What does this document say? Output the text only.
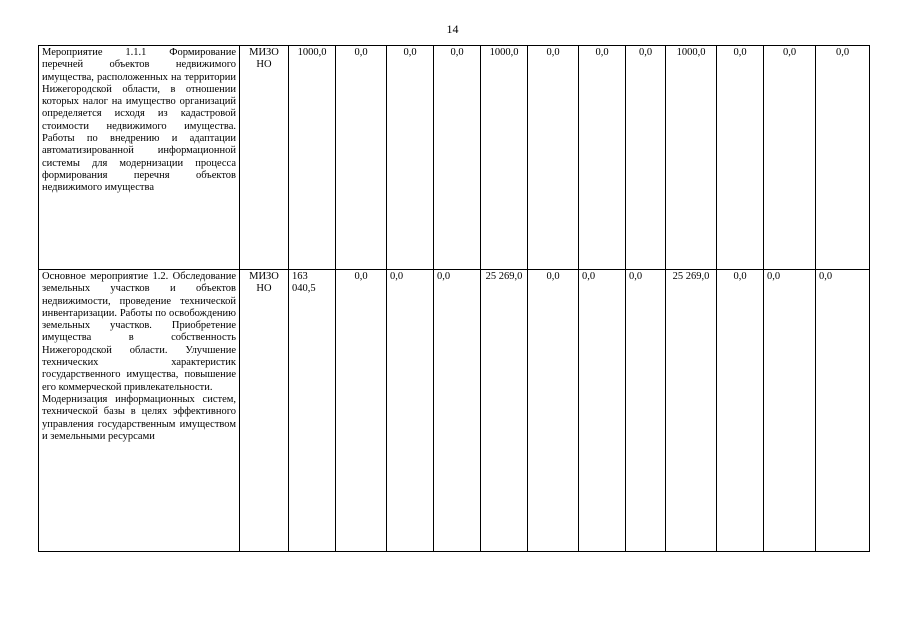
14
Мероприятие 1.1.1 Формирование перечней объектов недвижимого имущества, расположенных на территории Нижегородской области, в отношении которых налог на имущество организаций определяется исходя из кадастровой стоимости недвижимого имущества. Работы по внедрению и адаптации автоматизированной информационной системы для модернизации процесса формирования перечня объектов недвижимого имущества	МИЗО НО	1000,0	0,0	0,0	0,0	1000,0	0,0	0,0	0,0	1000,0	0,0	0,0	0,0

Основное мероприятие 1.2. Обследование земельных участков и объектов недвижимости, проведение технической инвентаризации. Работы по освобождению земельных участков. Приобретение имущества в собственность Нижегородской области. Улучшение технических характеристик государственного имущества, повышение его коммерческой привлекательности.

Модернизация информационных систем, технической базы в целях эффективного управления государственным имуществом и земельными ресурсами	МИЗО НО	163 040,5	0,0	0,0	0,0	25 269,0	0,0	0,0	0,0	25 269,0	0,0	0,0	0,0
